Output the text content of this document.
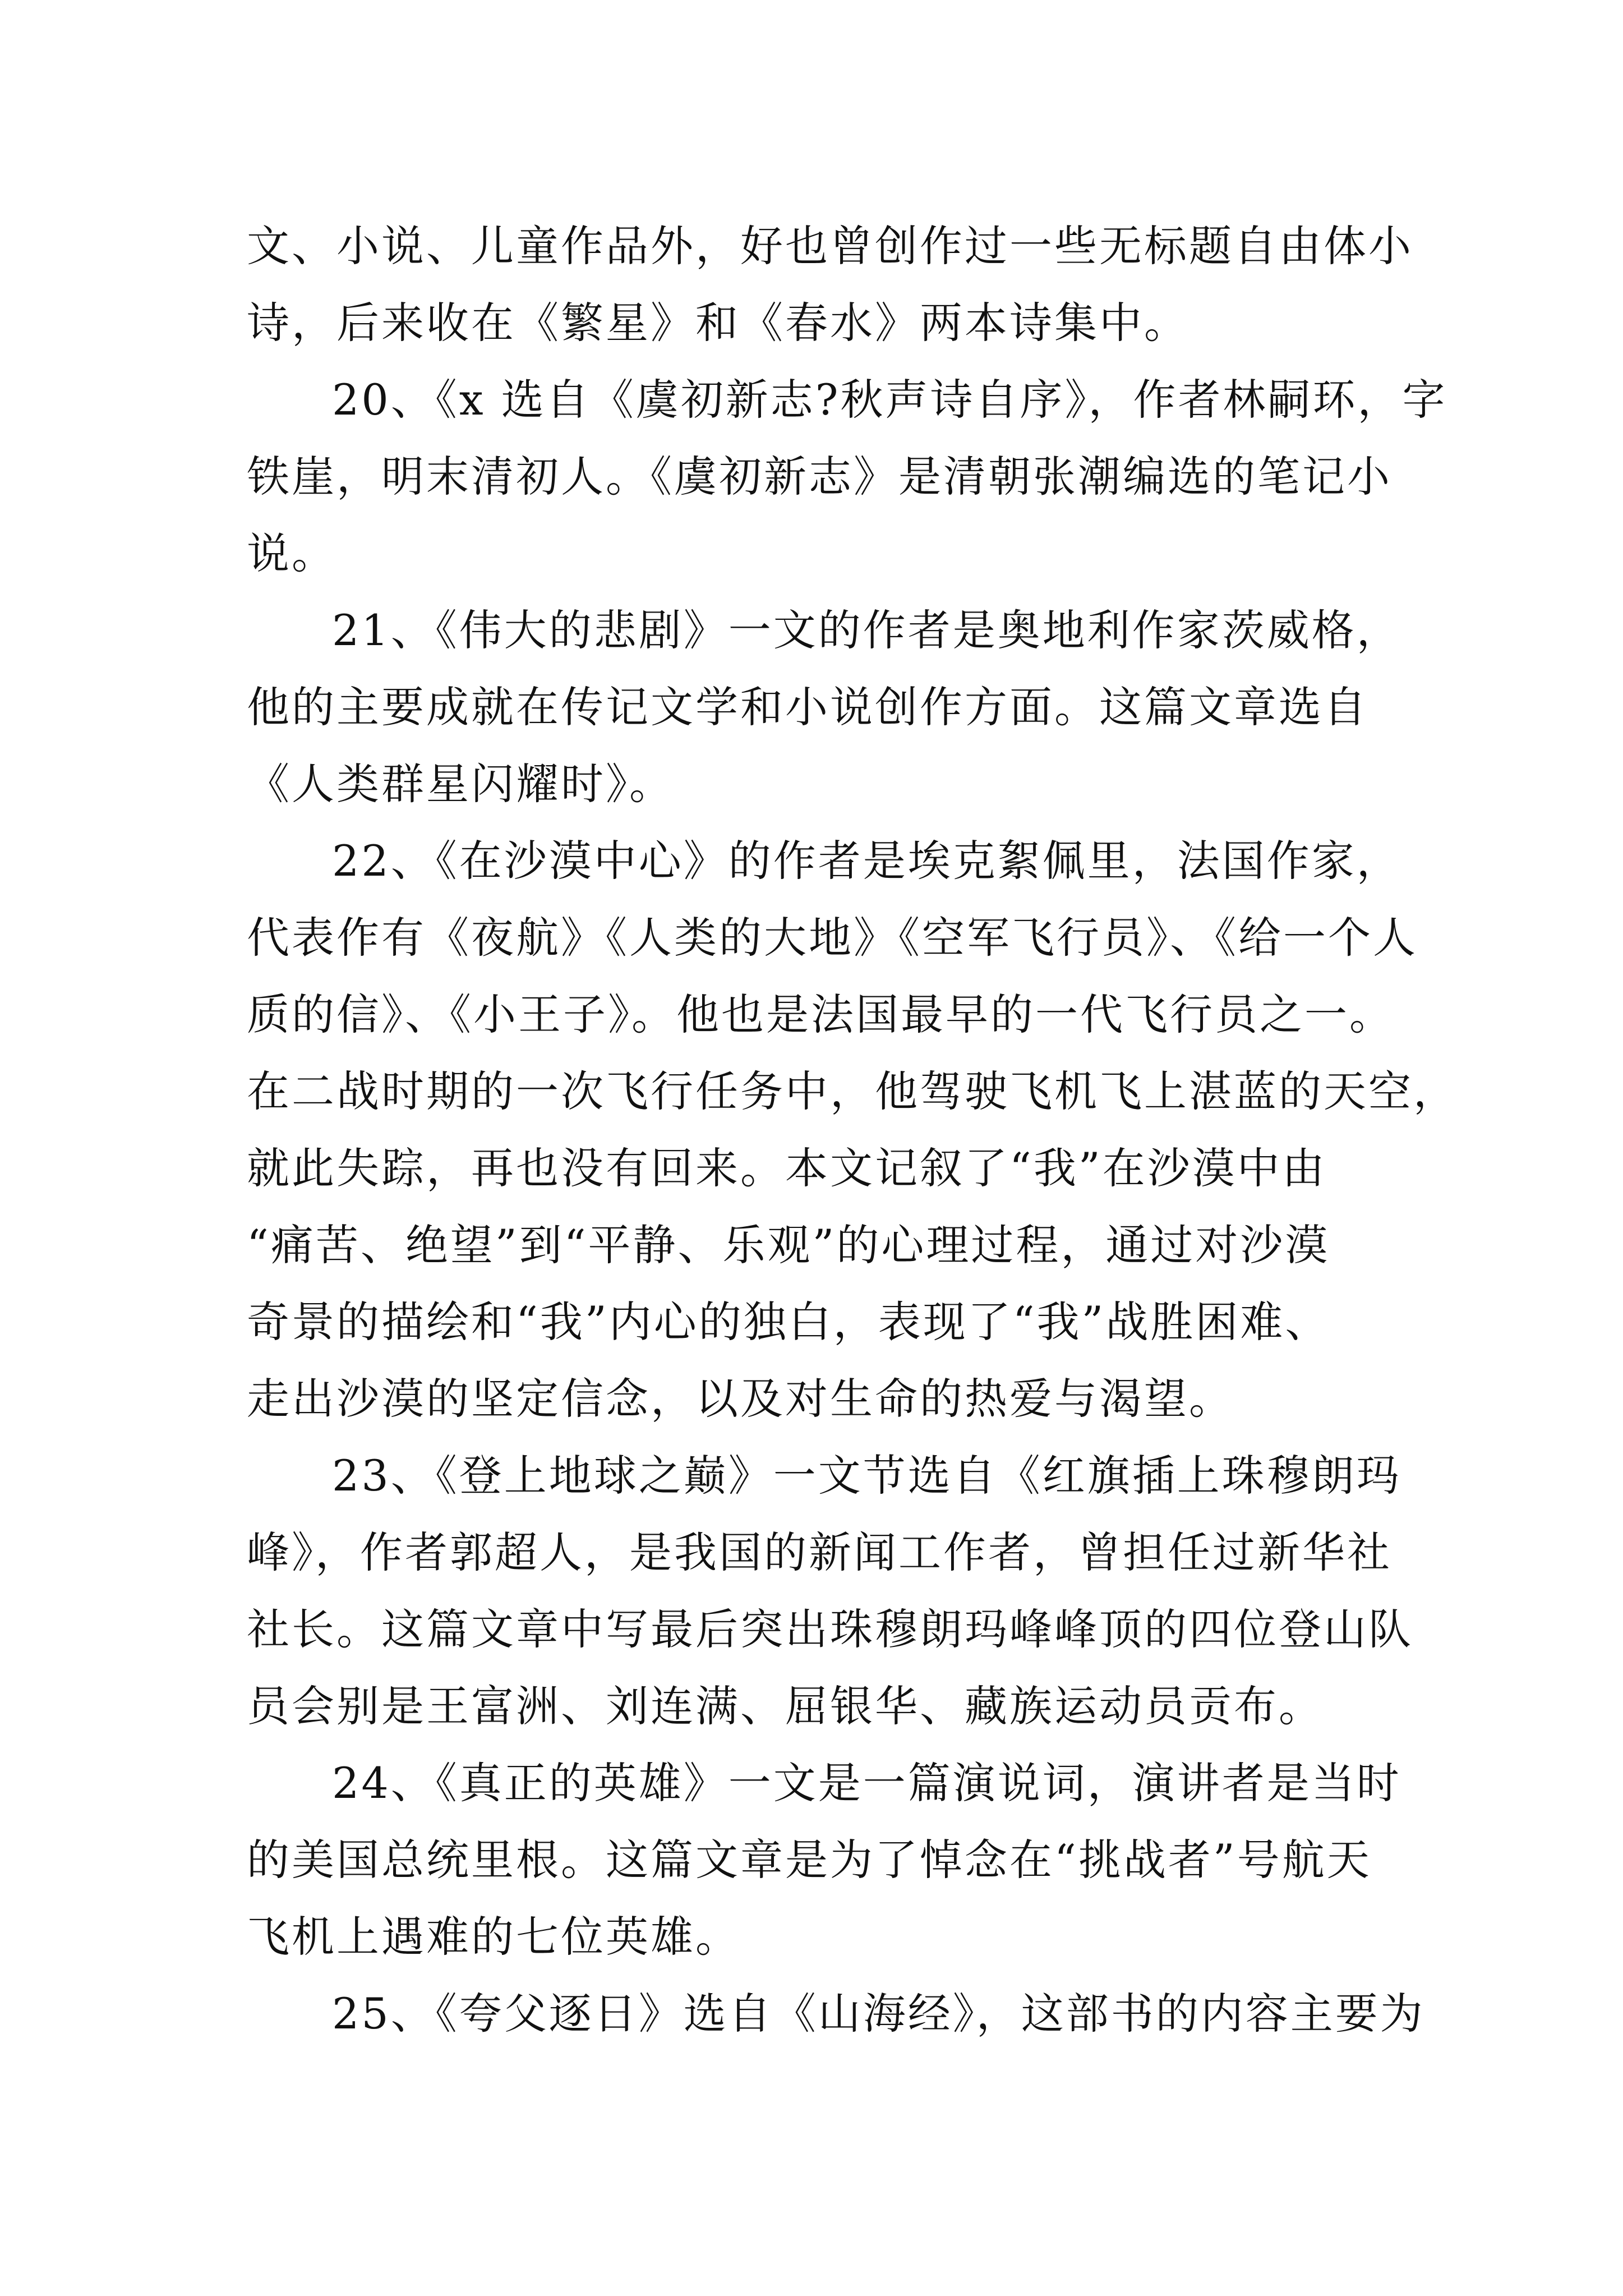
文、小说、儿童作品外，好也曾创作过一些无标题自由体小
诗，后来收在《繁星》和《春水》两本诗集中。

20、《x 选自《虞初新志?秋声诗自序》，作者林嗣环，字
铁崖，明末清初人。《虞初新志》是清朝张潮编选的笔记小
说。

21、《伟大的悲剧》一文的作者是奥地利作家茨威格，
他的主要成就在传记文学和小说创作方面。这篇文章选自
《人类群星闪耀时》。

22、《在沙漠中心》的作者是埃克絮佩里，法国作家，
代表作有《夜航》《人类的大地》《空军飞行员》、《给一个人
质的信》、《小王子》。他也是法国最早的一代飞行员之一。
在二战时期的一次飞行任务中，他驾驶飞机飞上湛蓝的天空，
就此失踪，再也没有回来。本文记叙了“我”在沙漠中由
“痛苦、绝望”到“平静、乐观”的心理过程，通过对沙漠
奇景的描绘和“我”内心的独白，表现了“我”战胜困难、
走出沙漠的坚定信念，以及对生命的热爱与渴望。

23、《登上地球之巅》一文节选自《红旗插上珠穆朗玛
峰》，作者郭超人，是我国的新闻工作者，曾担任过新华社
社长。这篇文章中写最后突出珠穆朗玛峰峰顶的四位登山队
员会别是王富洲、刘连满、屈银华、藏族运动员贡布。

24、《真正的英雄》一文是一篇演说词，演讲者是当时
的美国总统里根。这篇文章是为了悼念在“挑战者”号航天
飞机上遇难的七位英雄。

25、《夸父逐日》选自《山海经》，这部书的内容主要为
